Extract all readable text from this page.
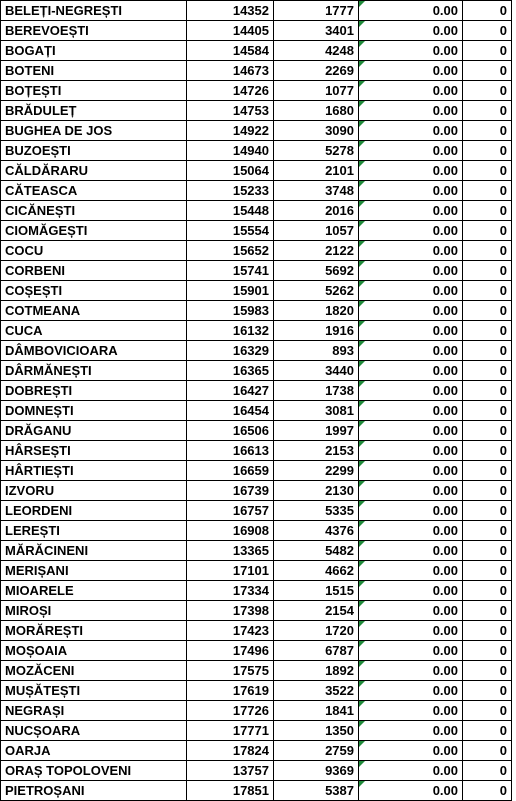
BELEȚI-NEGREȘTI	14352	1777	0.00	0
BEREVOEȘTI	14405	3401	0.00	0
BOGAȚI	14584	4248	0.00	0
BOTENI	14673	2269	0.00	0
BOȚEȘTI	14726	1077	0.00	0
BRĂDULEȚ	14753	1680	0.00	0
BUGHEA DE JOS	14922	3090	0.00	0
BUZOEȘTI	14940	5278	0.00	0
CĂLDĂRARU	15064	2101	0.00	0
CĂTEASCA	15233	3748	0.00	0
CICĂNEȘTI	15448	2016	0.00	0
CIOMĂGEȘTI	15554	1057	0.00	0
COCU	15652	2122	0.00	0
CORBENI	15741	5692	0.00	0
COȘEȘTI	15901	5262	0.00	0
COTMEANA	15983	1820	0.00	0
CUCA	16132	1916	0.00	0
DÂMBOVICIOARA	16329	893	0.00	0
DÂRMĂNEȘTI	16365	3440	0.00	0
DOBREȘTI	16427	1738	0.00	0
DOMNEȘTI	16454	3081	0.00	0
DRĂGANU	16506	1997	0.00	0
HÂRSEȘTI	16613	2153	0.00	0
HÂRTIEȘTI	16659	2299	0.00	0
IZVORU	16739	2130	0.00	0
LEORDENI	16757	5335	0.00	0
LEREȘTI	16908	4376	0.00	0
MĂRĂCINENI	13365	5482	0.00	0
MERIȘANI	17101	4662	0.00	0
MIOARELE	17334	1515	0.00	0
MIROȘI	17398	2154	0.00	0
MORĂREȘTI	17423	1720	0.00	0
MOȘOAIA	17496	6787	0.00	0
MOZĂCENI	17575	1892	0.00	0
MUȘĂTEȘTI	17619	3522	0.00	0
NEGRAȘI	17726	1841	0.00	0
NUCȘOARA	17771	1350	0.00	0
OARJA	17824	2759	0.00	0
ORAȘ TOPOLOVENI	13757	9369	0.00	0
PIETROȘANI	17851	5387	0.00	0
